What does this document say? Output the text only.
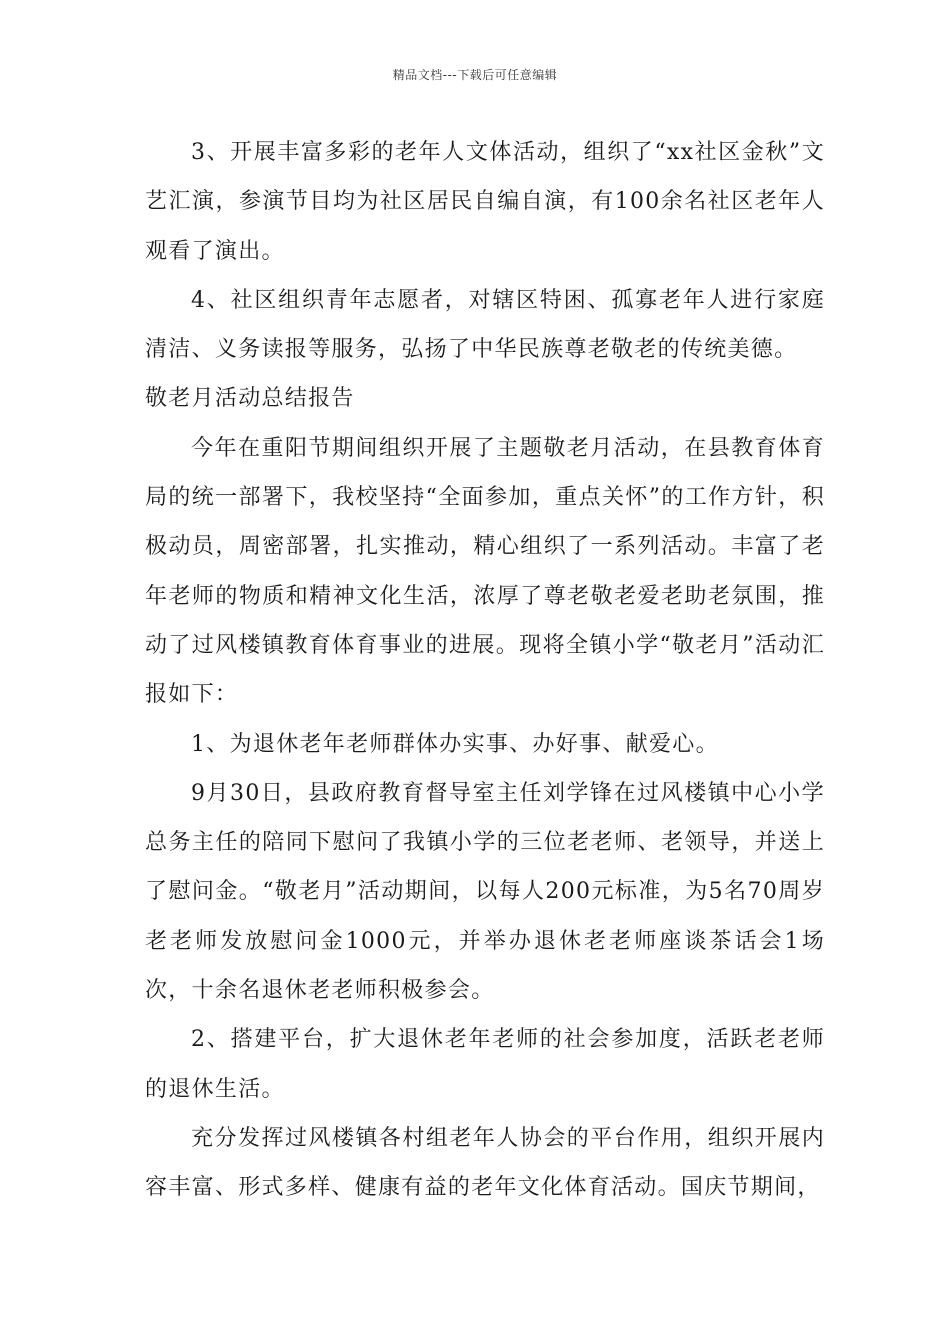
精品文档---下载后可任意编辑

3、开展丰富多彩的老年人文体活动，组织了“xx社区金秋”文艺汇演，参演节目均为社区居民自编自演，有100余名社区老年人观看了演出。

4、社区组织青年志愿者，对辖区特困、孤寡老年人进行家庭清洁、义务读报等服务，弘扬了中华民族尊老敬老的传统美德。

敬老月活动总结报告

今年在重阳节期间组织开展了主题敬老月活动，在县教育体育局的统一部署下，我校坚持“全面参加，重点关怀”的工作方针，积极动员，周密部署，扎实推动，精心组织了一系列活动。丰富了老年老师的物质和精神文化生活，浓厚了尊老敬老爱老助老氛围，推动了过风楼镇教育体育事业的进展。现将全镇小学“敬老月”活动汇报如下：

1、为退休老年老师群体办实事、办好事、献爱心。

9月30日，县政府教育督导室主任刘学锋在过风楼镇中心小学总务主任的陪同下慰问了我镇小学的三位老老师、老领导，并送上了慰问金。“敬老月”活动期间，以每人200元标准，为5名70周岁老老师发放慰问金1000元，并举办退休老老师座谈茶话会1场次，十余名退休老老师积极参会。

2、搭建平台，扩大退休老年老师的社会参加度，活跃老老师的退休生活。

充分发挥过风楼镇各村组老年人协会的平台作用，组织开展内容丰富、形式多样、健康有益的老年文化体育活动。国庆节期间，
